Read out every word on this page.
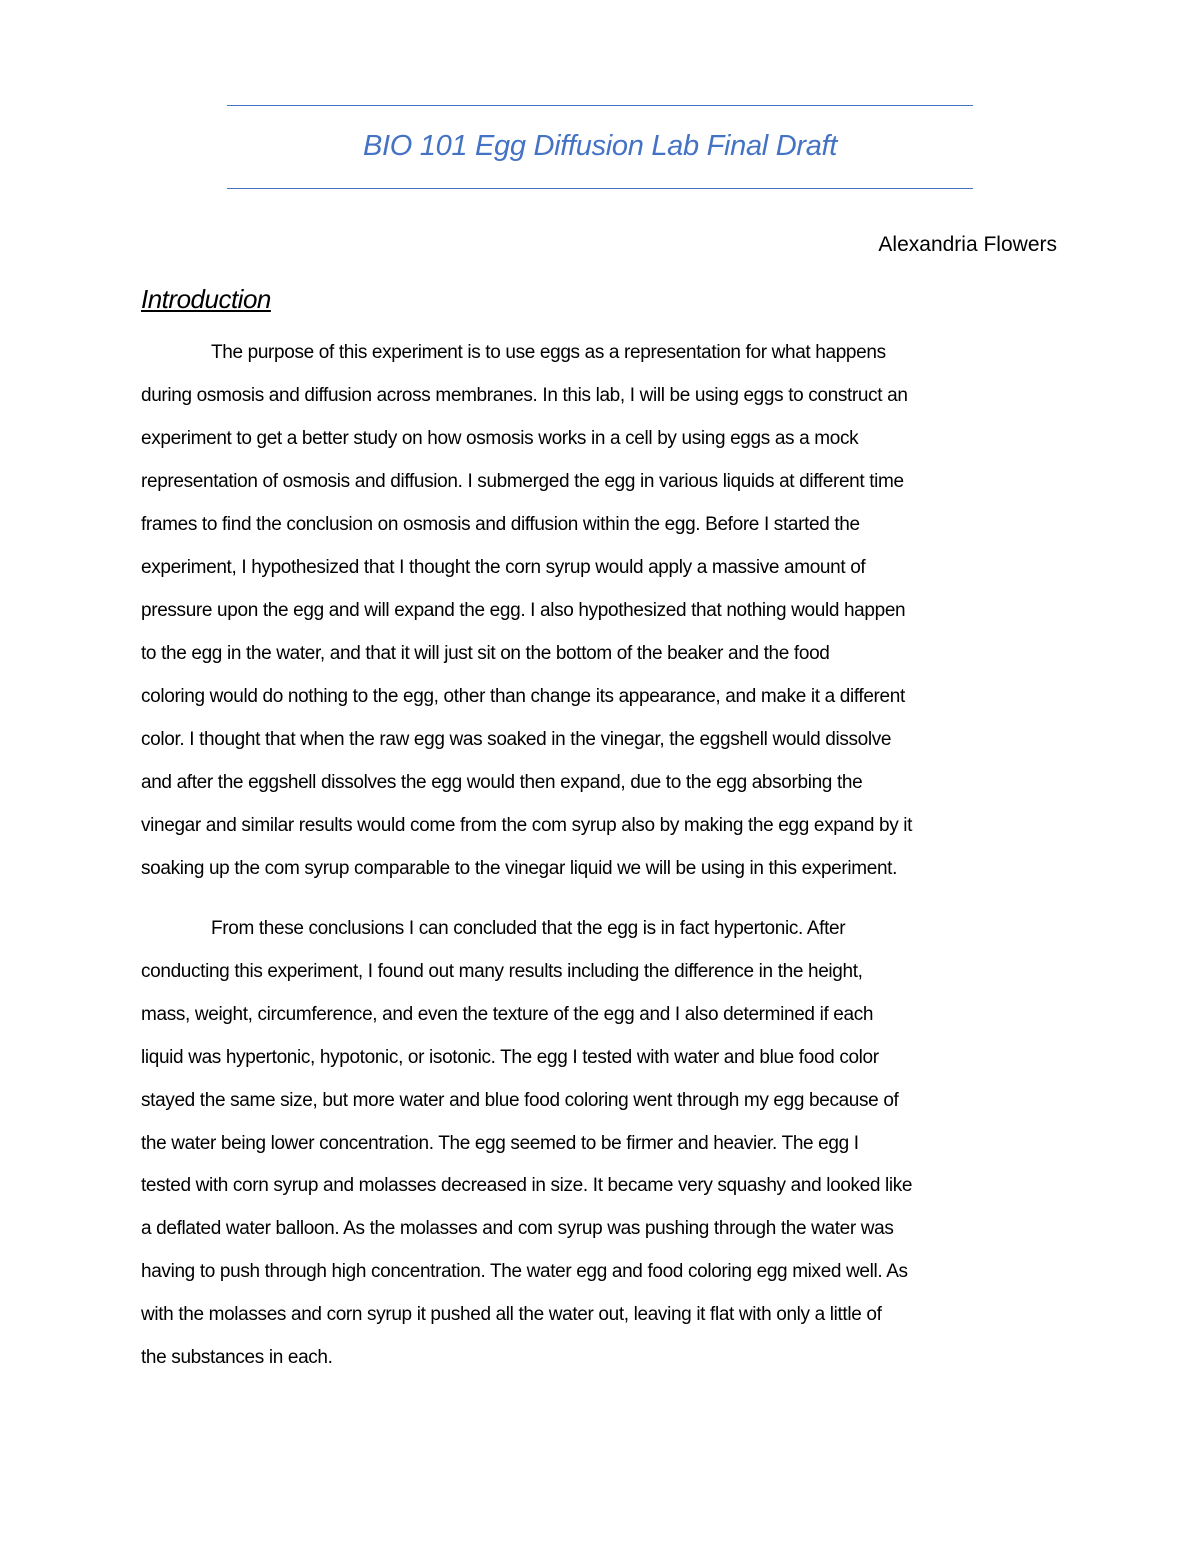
BIO 101 Egg Diffusion Lab Final Draft
Alexandria Flowers
Introduction
The purpose of this experiment is to use eggs as a representation for what happens
during osmosis and diffusion across membranes. In this lab, I will be using eggs to construct an
experiment to get a better study on how osmosis works in a cell by using eggs as a mock
representation of osmosis and diffusion. I submerged the egg in various liquids at different time
frames to find the conclusion on osmosis and diffusion within the egg. Before I started the
experiment, I hypothesized that I thought the corn syrup would apply a massive amount of
pressure upon the egg and will expand the egg. I also hypothesized that nothing would happen
to the egg in the water, and that it will just sit on the bottom of the beaker and the food
coloring would do nothing to the egg, other than change its appearance, and make it a different
color. I thought that when the raw egg was soaked in the vinegar, the eggshell would dissolve
and after the eggshell dissolves the egg would then expand, due to the egg absorbing the
vinegar and similar results would come from the com syrup also by making the egg expand by it
soaking up the com syrup comparable to the vinegar liquid we will be using in this experiment.
From these conclusions I can concluded that the egg is in fact hypertonic. After
conducting this experiment, I found out many results including the difference in the height,
mass, weight, circumference, and even the texture of the egg and I also determined if each
liquid was hypertonic, hypotonic, or isotonic. The egg I tested with water and blue food color
stayed the same size, but more water and blue food coloring went through my egg because of
the water being lower concentration. The egg seemed to be firmer and heavier. The egg I
tested with corn syrup and molasses decreased in size. It became very squashy and looked like
a deflated water balloon. As the molasses and com syrup was pushing through the water was
having to push through high concentration. The water egg and food coloring egg mixed well. As
with the molasses and corn syrup it pushed all the water out, leaving it flat with only a little of
the substances in each.
